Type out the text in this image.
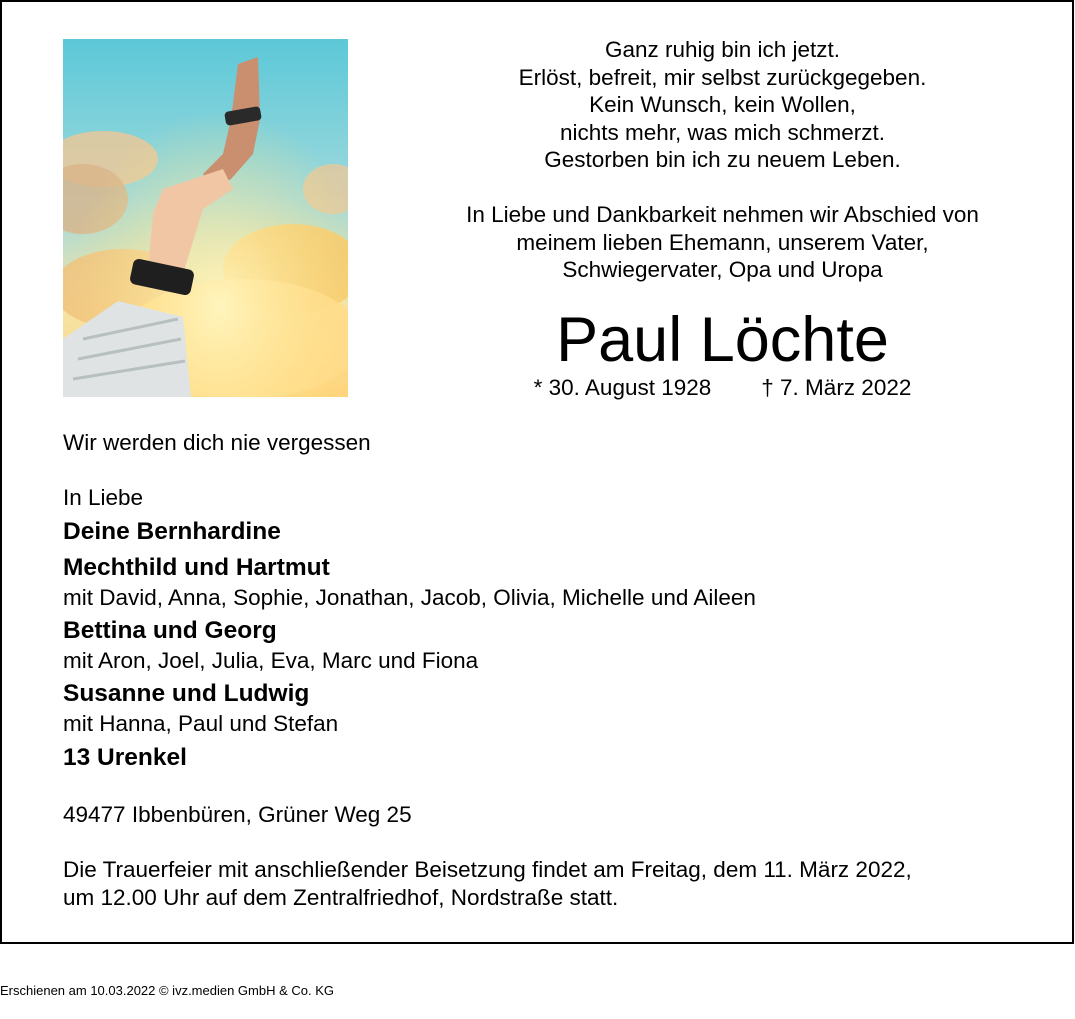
Ganz ruhig bin ich jetzt.

Erlöst, befreit, mir selbst zurückgegeben.

Kein Wunsch, kein Wollen,

nichts mehr, was mich schmerzt.

Gestorben bin ich zu neuem Leben.

In Liebe und Dankbarkeit nehmen wir Abschied von

meinem lieben Ehemann, unserem Vater,

Schwiegervater, Opa und Uropa

Paul Löchte
* 30. August 1928 † 7. März 2022

Wir werden dich nie vergessen

In Liebe

Deine Bernhardine

Mechthild und Hartmut

mit David, Anna, Sophie, Jonathan, Jacob, Olivia, Michelle und Aileen

Bettina und Georg

mit Aron, Joel, Julia, Eva, Marc und Fiona

Susanne und Ludwig

mit Hanna, Paul und Stefan

13 Urenkel

49477 Ibbenbüren, Grüner Weg 25

Die Trauerfeier mit anschließender Beisetzung findet am Freitag, dem 11. März 2022,

um 12.00 Uhr auf dem Zentralfriedhof, Nordstraße statt.

Erschienen am 10.03.2022 © ivz.medien GmbH & Co. KG
